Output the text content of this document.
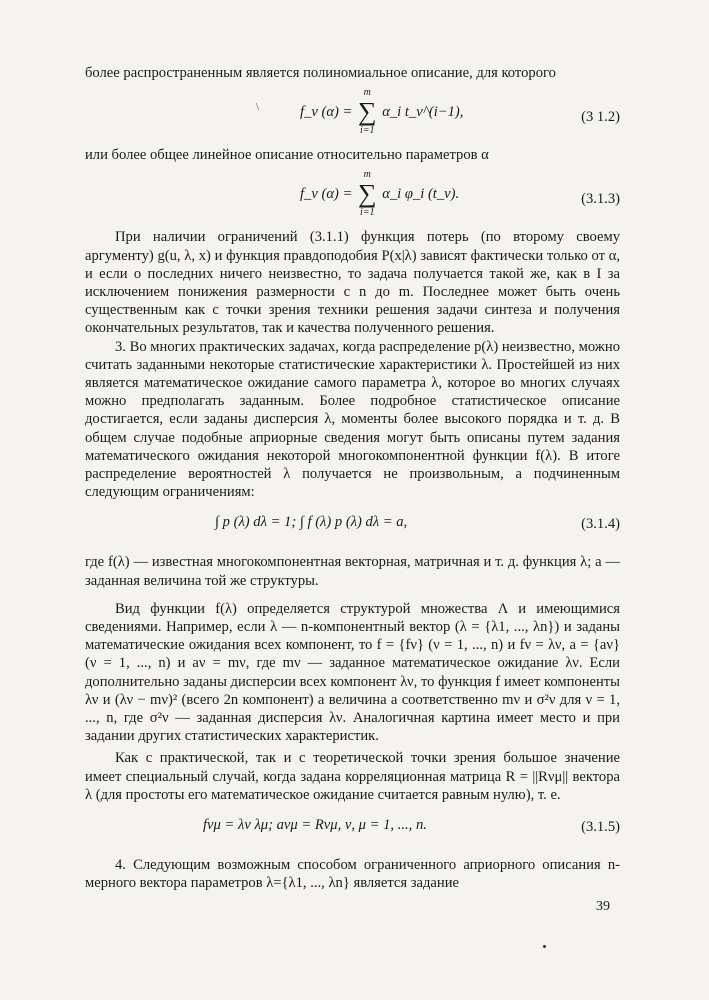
\

более распространенным является полиномиальное описание, для которого

f_ν (α) =
m
∑
i=1
α_i t_ν^(i−1),	(3 1.2)

или более общее линейное описание относительно параметров α

f_ν (α) =
m
∑
i=1
α_i φ_i (t_ν).	(3.1.3)

При наличии ограничений (3.1.1) функция потерь (по второму своему аргументу) g(u, λ, x) и функция правдоподобия P(x|λ) зависят фактически только от α, и если о последних ничего неизвестно, то задача получается такой же, как в I за исключением понижения размерности с n до m. Последнее может быть очень существенным как с точки зрения техники решения задачи синтеза и получения окончательных результатов, так и качества полученного решения.

3. Во многих практических задачах, когда распределение p(λ) неизвестно, можно считать заданными некоторые статистические характеристики λ. Простейшей из них является математическое ожидание самого параметра λ, которое во многих случаях можно предполагать заданным. Более подробное статистическое описание достигается, если заданы дисперсия λ, моменты более высокого порядка и т. д. В общем случае подобные априорные сведения могут быть описаны путем задания математического ожидания некоторой многокомпонентной функции f(λ). В итоге распределение вероятностей λ получается не произвольным, а подчиненным следующим ограничениям:

∫ p (λ) dλ = 1; ∫ f (λ) p (λ) dλ = a,	(3.1.4)

где f(λ) — известная многокомпонентная векторная, матричная и т. д. функция λ; a — заданная величина той же структуры.

Вид функции f(λ) определяется структурой множества Λ и имеющимися сведениями. Например, если λ — n-компонентный вектор (λ = {λ1, ..., λn}) и заданы математические ожидания всех компонент, то f = {fν} (ν = 1, ..., n) и fν = λν, a = {aν} (ν = 1, ..., n) и aν = mν, где mν — заданное математическое ожидание λν. Если дополнительно заданы дисперсии всех компонент λν, то функция f имеет компоненты λν и (λν − mν)² (всего 2n компонент) а величина a соответственно mν и σ²ν для ν = 1, ..., n, где σ²ν — заданная дисперсия λν. Аналогичная картина имеет место и при задании других статистических характеристик.

Как с практической, так и с теоретической точки зрения большое значение имеет специальный случай, когда задана корреляционная матрица R = ||Rνμ|| вектора λ (для простоты его математическое ожидание считается равным нулю), т. е.

fνμ = λν λμ; aνμ = Rνμ, ν, μ = 1, ..., n.	(3.1.5)

4. Следующим возможным способом ограниченного априорного описания n-мерного вектора параметров λ={λ1, ..., λn} является задание

39
